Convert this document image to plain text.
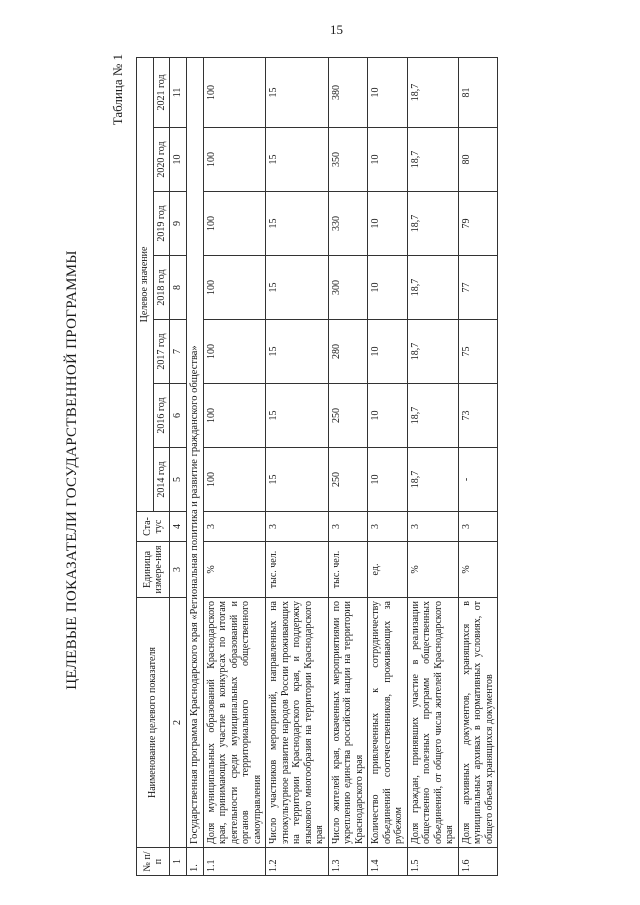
15
ЦЕЛЕВЫЕ ПОКАЗАТЕЛИ ГОСУДАРСТВЕННОЙ ПРОГРАММЫ
Таблица № 1
№ п/п	Наименование целевого показателя	Единица измере-ния	Ста-тус	Целевое значение						
				2014 год	2016 год	2017 год	2018 год	2019 год	2020 год	2021 год
1	2	3	4	5	6	7	8	9	10	11
1.	Государственная программа Краснодарского края «Региональная политика и развитие гражданского общества»									
1.1	Доля муниципальных образований Краснодарского края, принимающих участие в конкурсах по итогам деятельности среди муниципальных образований и органов территориального общественного самоуправления	%	3	100	100	100	100	100	100	100
1.2	Число участников мероприятий, направленных на этнокультурное развитие народов России проживающих на территории Краснодарского края, и поддержку языкового многообразия на территории Краснодарского края	тыс. чел.	3	15	15	15	15	15	15	15
1.3	Число жителей края, охваченных мероприятиями по укреплению единства российской нации на территории Краснодарского края	тыс. чел.	3	250	250	280	300	330	350	380
1.4	Количество привлеченных к сотрудничеству объединений соотечественников, проживающих за рубежом	ед.	3	10	10	10	10	10	10	10
1.5	Доля граждан, принявших участие в реализации общественно полезных программ общественных объединений, от общего числа жителей Краснодарского края	%	3	18,7	18,7	18,7	18,7	18,7	18,7	18,7
1.6	Доля архивных документов, хранящихся в муниципальных архивах в нормативных условиях, от общего объема хранящихся документов	%	3	-	73	75	77	79	80	81
